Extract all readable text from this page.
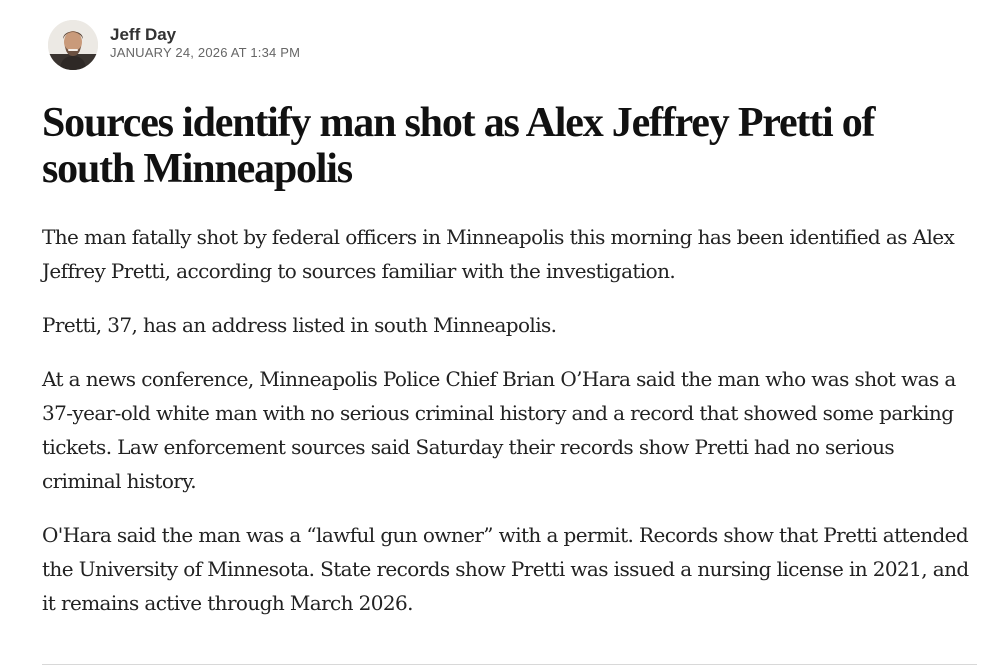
Jeff Day
JANUARY 24, 2026 AT 1:34 PM
Sources identify man shot as Alex Jeffrey Pretti of south Minneapolis

The man fatally shot by federal officers in Minneapolis this morning has been identified as Alex Jeffrey Pretti, according to sources familiar with the investigation.

Pretti, 37, has an address listed in south Minneapolis.

At a news conference, Minneapolis Police Chief Brian O’Hara said the man who was shot was a 37-year-old white man with no serious criminal history and a record that showed some parking tickets. Law enforcement sources said Saturday their records show Pretti had no serious criminal history.

O'Hara said the man was a “lawful gun owner” with a permit. Records show that Pretti attended the University of Minnesota. State records show Pretti was issued a nursing license in 2021, and it remains active through March 2026.
